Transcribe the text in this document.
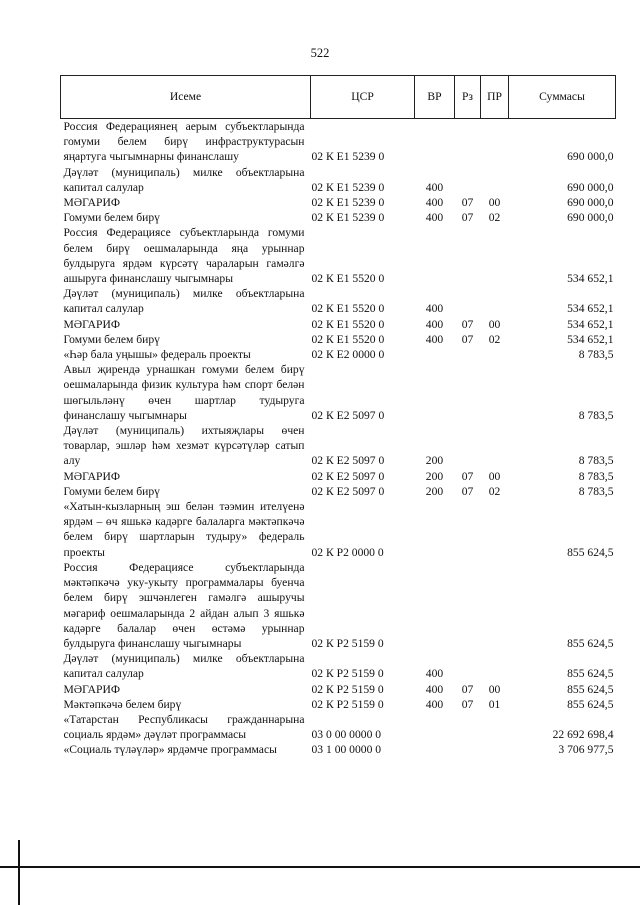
522
Исеме	ЦСР	ВР	Рз	ПР	Суммасы
Россия Федерациянең аерым субъектларында гомуми белем бирү инфраструктурасын яңартуга чыгымнарны финанслашу	02 К Е1 5239 0				690 000,0
Дәүләт (муниципаль) милке объектларына капитал салулар	02 К Е1 5239 0	400			690 000,0
МӘГАРИФ	02 К Е1 5239 0	400	07	00	690 000,0
Гомуми белем бирү	02 К Е1 5239 0	400	07	02	690 000,0
Россия Федерациясе субъектларында гомуми белем бирү оешмаларында яңа урыннар булдыруга ярдәм күрсәтү чараларын гамәлгә ашыруга финанслашу чыгымнары	02 К Е1 5520 0				534 652,1
Дәүләт (муниципаль) милке объектларына капитал салулар	02 К Е1 5520 0	400			534 652,1
МӘГАРИФ	02 К Е1 5520 0	400	07	00	534 652,1
Гомуми белем бирү	02 К Е1 5520 0	400	07	02	534 652,1
«Һәр бала уңышы» федераль проекты	02 К Е2 0000 0				8 783,5
Авыл җирендә урнашкан гомуми белем бирү оешмаларында физик культура һәм спорт белән шөгыльләнү өчен шартлар тудыруга финанслашу чыгымнары	02 К Е2 5097 0				8 783,5
Дәүләт (муниципаль) ихтыяҗлары өчен товарлар, эшләр һәм хезмәт күрсәтүләр сатып алу	02 К Е2 5097 0	200			8 783,5
МӘГАРИФ	02 К Е2 5097 0	200	07	00	8 783,5
Гомуми белем бирү	02 К Е2 5097 0	200	07	02	8 783,5
«Хатын-кызларның эш белән тәэмин ителүенә ярдәм – өч яшькә кадәрге балаларга мәктәпкәчә белем бирү шартларын тудыру» федераль проекты	02 К Р2 0000 0				855 624,5
Россия Федерациясе субъектларында мәктәпкәчә уку-укыту программалары буенча белем бирү эшчәнлеген гамәлгә ашыручы мәгариф оешмаларында 2 айдан алып 3 яшькә кадәрге балалар өчен өстәмә урыннар булдыруга финанслашу чыгымнары	02 К Р2 5159 0				855 624,5
Дәүләт (муниципаль) милке объектларына капитал салулар	02 К Р2 5159 0	400			855 624,5
МӘГАРИФ	02 К Р2 5159 0	400	07	00	855 624,5
Мәктәпкәчә белем бирү	02 К Р2 5159 0	400	07	01	855 624,5
«Татарстан Республикасы гражданнарына социаль ярдәм» дәүләт программасы	03 0 00 0000 0				22 692 698,4
«Социаль түләүләр» ярдәмче программасы	03 1 00 0000 0				3 706 977,5
